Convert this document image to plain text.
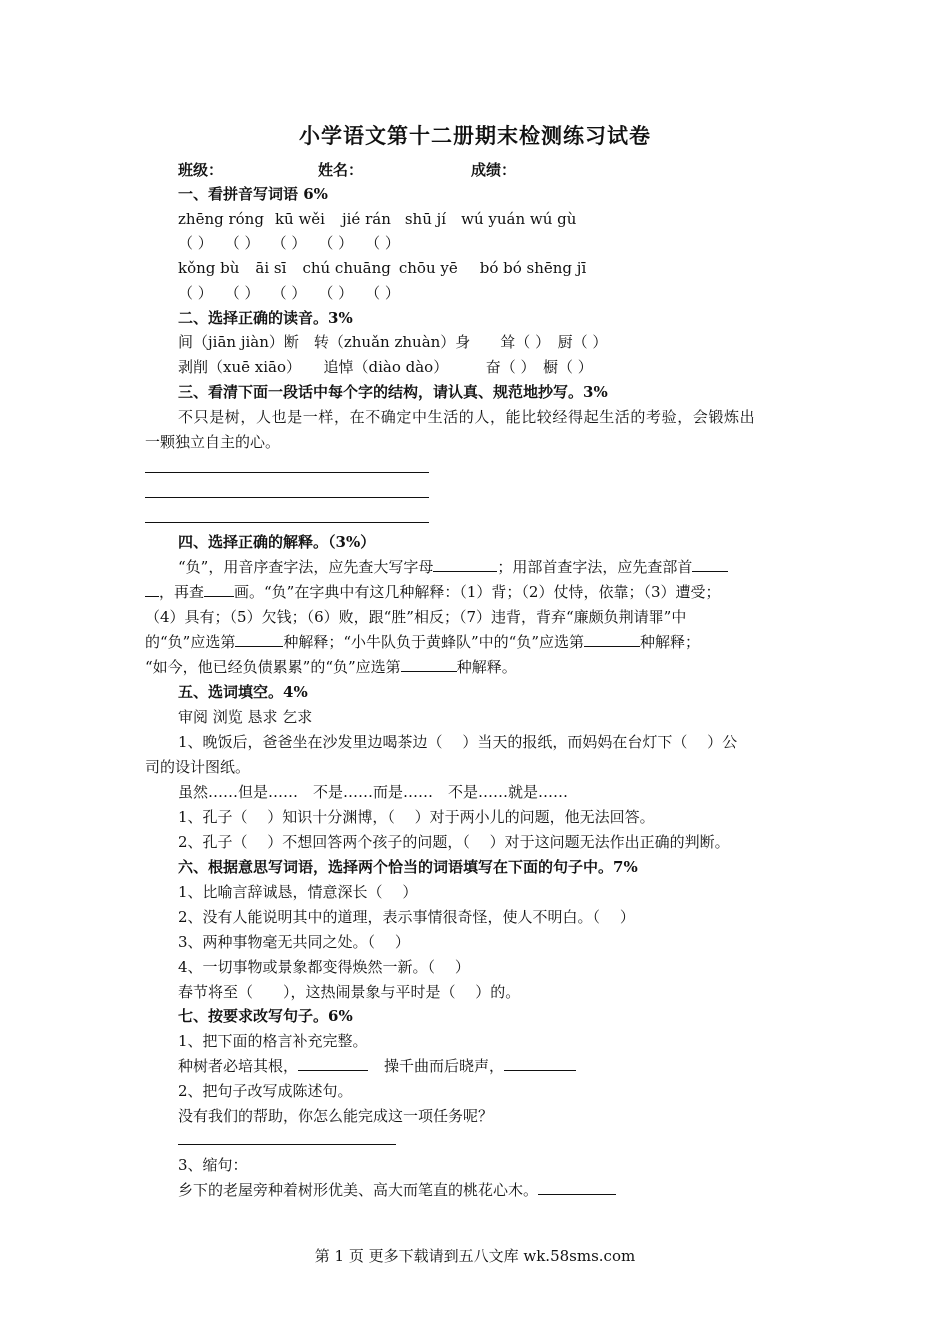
小学语文第十二册期末检测练习试卷
班级：	姓名：	成绩：
一、看拼音写词语 6%
zhēng róng kū wěi jié rán shū jí wú yuán wú gù
（ ） （ ） （ ） （ ） （ ）
kǒng bù āi sī chú chuāng chōu yē bó bó shēng jī
（ ） （ ） （ ） （ ） （ ）
二、选择正确的读音。3%
间（jiān jiàn）断　转（zhuǎn zhuàn）身　　耸（ ）　厨（ ）
剥削（xuē xiāo）　　追悼（diào dào）　　　奋（ ）　橱（ ）
三、看清下面一段话中每个字的结构，请认真、规范地抄写。3%
不只是树，人也是一样，在不确定中生活的人，能比较经得起生活的考验，会锻炼出
一颗独立自主的心。
四、选择正确的解释。（3%）
“负”，用音序查字法，应先查大写字母	；用部首查字法，应先查部首
，再查 画。“负”在字典中有这几种解释：（1）背；（2）仗恃，依靠；（3）遭受；
（4）具有；（5）欠钱；（6）败，跟“胜”相反；（7）违背，背弃“廉颇负荆请罪”中
的“负”应选第	种解释；“小牛队负于黄蜂队”中的“负”应选第	种解释；
“如今，他已经负债累累”的“负”应选第	种解释。
五、选词填空。4%
审阅 浏览 恳求 乞求
1、晚饭后，爸爸坐在沙发里边喝茶边（　 ）当天的报纸，而妈妈在台灯下（　 ）公
司的设计图纸。
虽然……但是……　不是……而是……　不是……就是……
1、孔子（　 ）知识十分渊博，（　 ）对于两小儿的问题，他无法回答。
2、孔子（　 ）不想回答两个孩子的问题，（　 ）对于这问题无法作出正确的判断。
六、根据意思写词语，选择两个恰当的词语填写在下面的句子中。7%
1、比喻言辞诚恳，情意深长（　 ）
2、没有人能说明其中的道理，表示事情很奇怪，使人不明白。（　 ）
3、两种事物毫无共同之处。（　 ）
4、一切事物或景象都变得焕然一新。（　 ）
春节将至（　　），这热闹景象与平时是（　 ）的。
七、按要求改写句子。6%
1、把下面的格言补充完整。
种树者必培其根，	操千曲而后晓声，
2、把句子改写成陈述句。
没有我们的帮助，你怎么能完成这一项任务呢？
3、缩句：
乡下的老屋旁种着树形优美、高大而笔直的桃花心木。
第 1 页 更多下载请到五八文库 wk.58sms.com
